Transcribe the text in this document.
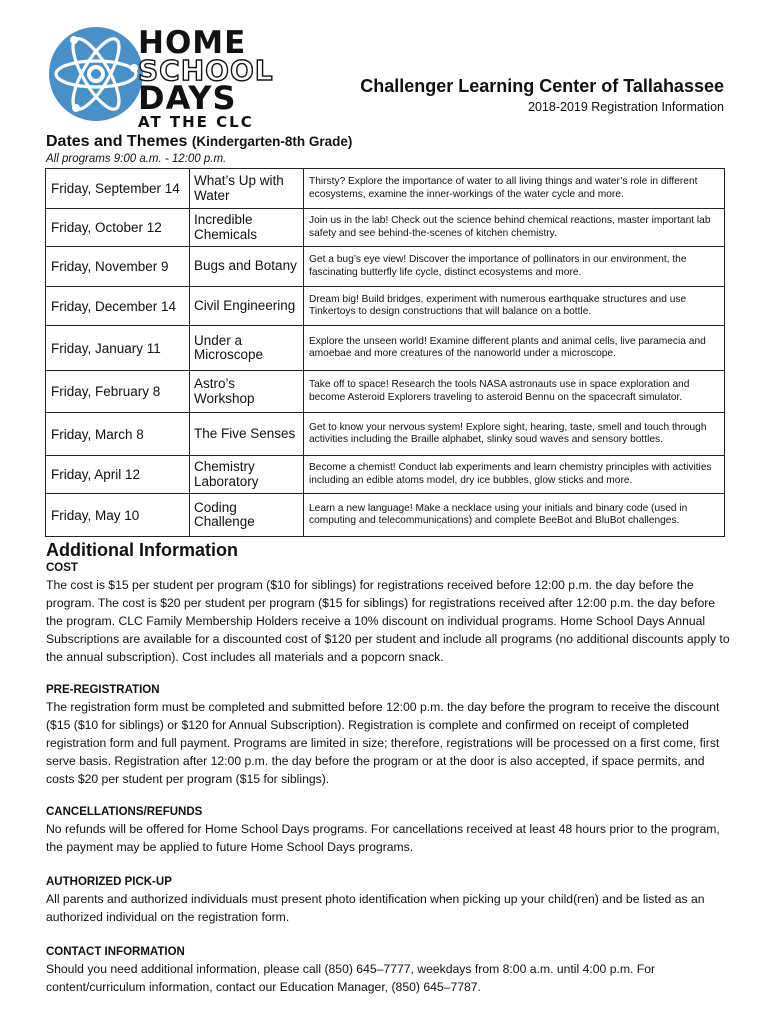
HOME
SCHOOL
DAYS
AT THE CLC
Challenger Learning Center of Tallahassee
2018-2019 Registration Information
Dates and Themes (Kindergarten-8th Grade)
All programs 9:00 a.m. - 12:00 p.m.
Friday, September 14	What’s Up with Water	Thirsty? Explore the importance of water to all living things and water’s role in different ecosystems, examine the inner-workings of the water cycle and more.
Friday, October 12	Incredible Chemicals	Join us in the lab! Check out the science behind chemical reactions, master important lab safety and see behind-the-scenes of kitchen chemistry.
Friday, November 9	Bugs and Botany	Get a bug’s eye view! Discover the importance of pollinators in our environment, the fascinating butterfly life cycle, distinct ecosystems and more.
Friday, December 14	Civil Engineering	Dream big! Build bridges, experiment with numerous earthquake structures and use Tinkertoys to design constructions that will balance on a bottle.
Friday, January 11	Under a Microscope	Explore the unseen world! Examine different plants and animal cells, live paramecia and amoebae and more creatures of the nanoworld under a microscope.
Friday, February 8	Astro’s Workshop	Take off to space! Research the tools NASA astronauts use in space exploration and become Asteroid Explorers traveling to asteroid Bennu on the spacecraft simulator.
Friday, March 8	The Five Senses	Get to know your nervous system! Explore sight, hearing, taste, smell and touch through activities including the Braille alphabet, slinky soud waves and sensory bottles.
Friday, April 12	Chemistry Laboratory	Become a chemist! Conduct lab experiments and learn chemistry principles with activities including an edible atoms model, dry ice bubbles, glow sticks and more.
Friday, May 10	Coding Challenge	Learn a new language! Make a necklace using your initials and binary code (used in computing and telecommunications) and complete BeeBot and BluBot challenges.
Additional Information
COST
The cost is $15 per student per program ($10 for siblings) for registrations received before 12:00 p.m. the day before the program. The cost is $20 per student per program ($15 for siblings) for registrations received after 12:00 p.m. the day before the program. CLC Family Membership Holders receive a 10% discount on individual programs. Home School Days Annual Subscriptions are available for a discounted cost of $120 per student and include all programs (no additional discounts apply to the annual subscription). Cost includes all materials and a popcorn snack.
PRE-REGISTRATION
The registration form must be completed and submitted before 12:00 p.m. the day before the program to receive the discount ($15 ($10 for siblings) or $120 for Annual Subscription). Registration is complete and confirmed on receipt of completed registration form and full payment. Programs are limited in size; therefore, registrations will be processed on a first come, first serve basis. Registration after 12:00 p.m. the day before the program or at the door is also accepted, if space permits, and costs $20 per student per program ($15 for siblings).
CANCELLATIONS/REFUNDS
No refunds will be offered for Home School Days programs. For cancellations received at least 48 hours prior to the program, the payment may be applied to future Home School Days programs.
AUTHORIZED PICK-UP
All parents and authorized individuals must present photo identification when picking up your child(ren) and be listed as an authorized individual on the registration form.
CONTACT INFORMATION
Should you need additional information, please call (850) 645–7777, weekdays from 8:00 a.m. until 4:00 p.m. For content/curriculum information, contact our Education Manager, (850) 645–7787.
